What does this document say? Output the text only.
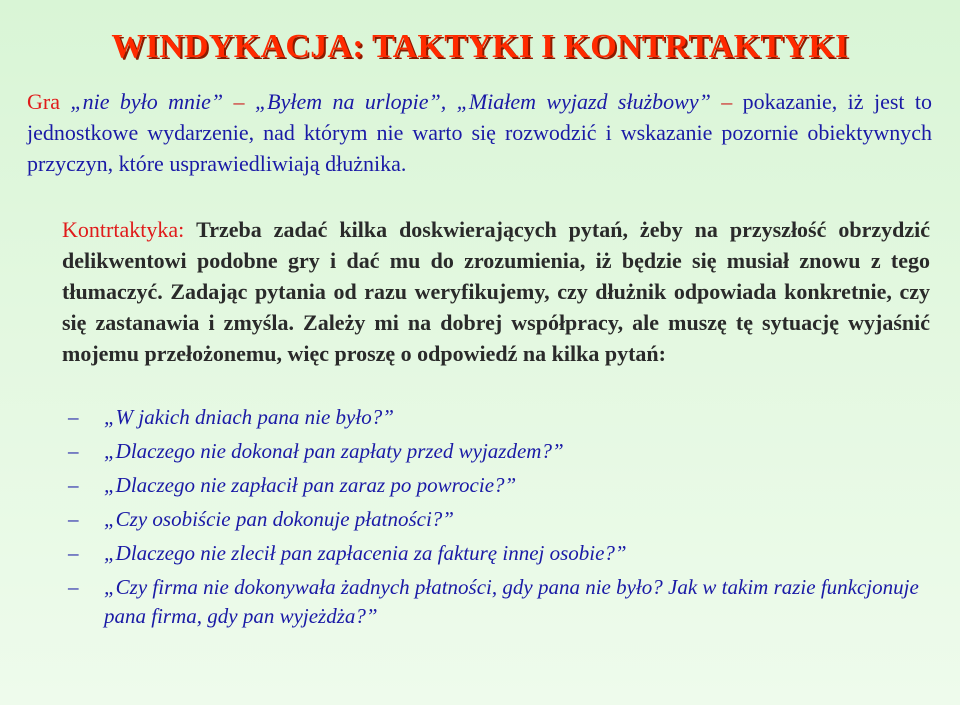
WINDYKACJA: TAKTYKI I KONTRTAKTYKI
Gra „nie było mnie” – „Byłem na urlopie”, „Miałem wyjazd służbowy” – pokazanie, iż jest to jednostkowe wydarzenie, nad którym nie warto się rozwodzić i wskazanie pozornie obiektywnych przyczyn, które usprawiedliwiają dłużnika.
Kontrtaktyka: Trzeba zadać kilka doskwierających pytań, żeby na przyszłość obrzydzić delikwentowi podobne gry i dać mu do zrozumienia, iż będzie się musiał znowu z tego tłumaczyć. Zadając pytania od razu weryfikujemy, czy dłużnik odpowiada konkretnie, czy się zastanawia i zmyśla. Zależy mi na dobrej współpracy, ale muszę tę sytuację wyjaśnić mojemu przełożonemu, więc proszę o odpowiedź na kilka pytań:
–	„W jakich dniach pana nie było?”
–	„Dlaczego nie dokonał pan zapłaty przed wyjazdem?”
–	„Dlaczego nie zapłacił pan zaraz po powrocie?”
–	„Czy osobiście pan dokonuje płatności?”
–	„Dlaczego nie zlecił pan zapłacenia za fakturę innej osobie?”
–	„Czy firma nie dokonywała żadnych płatności, gdy pana nie było? Jak w takim razie funkcjonuje pana firma, gdy pan wyjeżdża?”
